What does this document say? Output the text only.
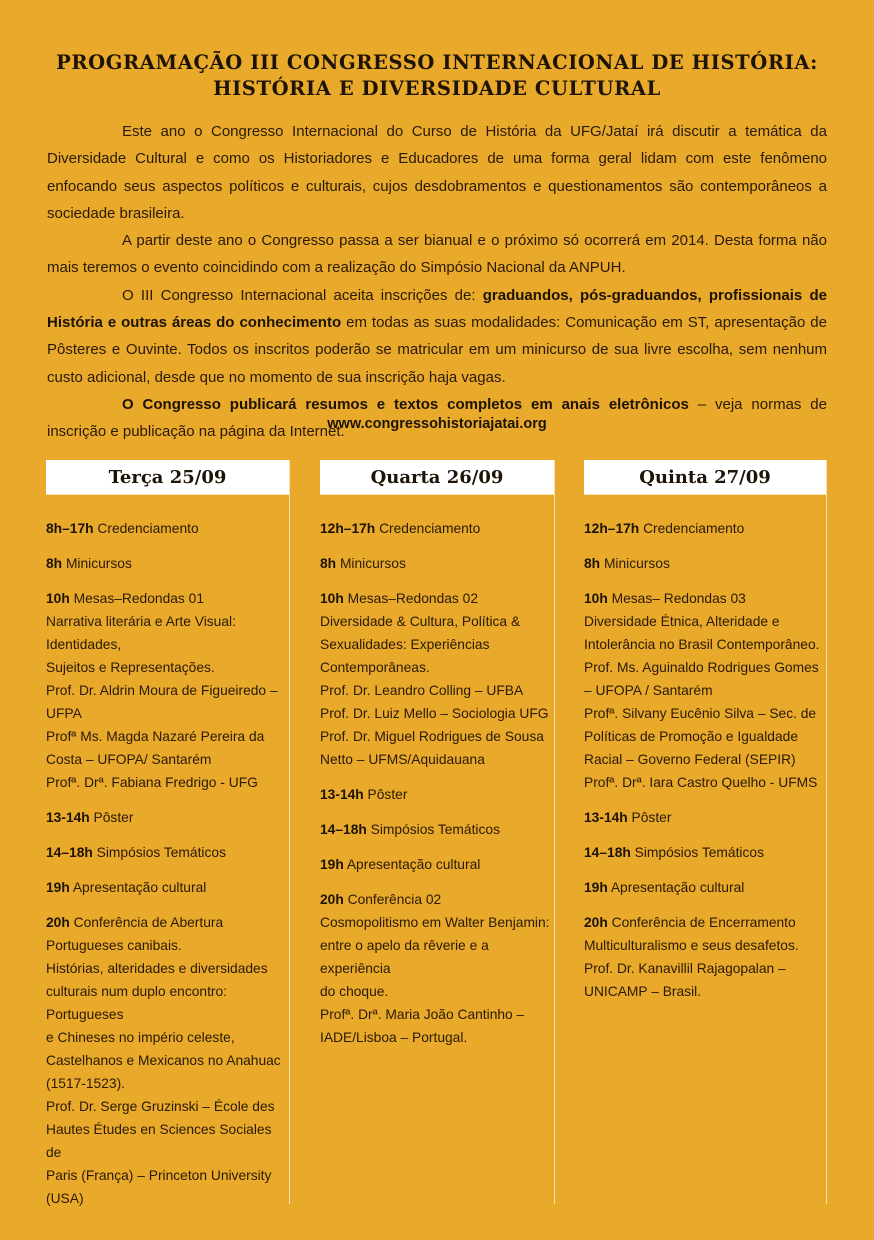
PROGRAMAÇÃO III CONGRESSO INTERNACIONAL DE HISTÓRIA:
HISTÓRIA E DIVERSIDADE CULTURAL

Este ano o Congresso Internacional do Curso de História da UFG/Jataí irá discutir a temática da Diversidade Cultural e como os Historiadores e Educadores de uma forma geral lidam com este fenômeno enfocando seus aspectos políticos e culturais, cujos desdobramentos e questionamentos são contemporâneos a sociedade brasileira.

A partir deste ano o Congresso passa a ser bianual e o próximo só ocorrerá em 2014. Desta forma não mais teremos o evento coincidindo com a realização do Simpósio Nacional da ANPUH.

O III Congresso Internacional aceita inscrições de: graduandos, pós-graduandos, profissionais de História e outras áreas do conhecimento em todas as suas modalidades: Comunicação em ST, apresentação de Pôsteres e Ouvinte. Todos os inscritos poderão se matricular em um minicurso de sua livre escolha, sem nenhum custo adicional, desde que no momento de sua inscrição haja vagas.

O Congresso publicará resumos e textos completos em anais eletrônicos – veja normas de inscrição e publicação na página da Internet.

www.congressohistoriajatai.org
Terça 25/09
8h–17h Credenciamento
8h Minicursos
10h Mesas–Redondas 01
Narrativa literária e Arte Visual:
Identidades,
Sujeitos e Representações.
Prof. Dr. Aldrin Moura de Figueiredo –
UFPA
Profª Ms. Magda Nazaré Pereira da
Costa – UFOPA/ Santarém
Profª. Drª. Fabiana Fredrigo - UFG
13-14h Pôster
14–18h Simpósios Temáticos
19h Apresentação cultural
20h Conferência de Abertura
Portugueses canibais.
Histórias, alteridades e diversidades
culturais num duplo encontro:
Portugueses
e Chineses no império celeste,
Castelhanos e Mexicanos no Anahuac
(1517-1523).
Prof. Dr. Serge Gruzinski – École des
Hautes Études en Sciences Sociales de
Paris (França) – Princeton University
(USA)
Quarta 26/09
12h–17h Credenciamento
8h Minicursos
10h Mesas–Redondas 02
Diversidade & Cultura, Política &
Sexualidades: Experiências
Contemporâneas.
Prof. Dr. Leandro Colling – UFBA
Prof. Dr. Luiz Mello – Sociologia UFG
Prof. Dr. Miguel Rodrigues de Sousa
Netto – UFMS/Aquidauana
13-14h Pôster
14–18h Simpósios Temáticos
19h Apresentação cultural
20h Conferência 02
Cosmopolitismo em Walter Benjamin:
entre o apelo da rêverie e a experiência
do choque.
Profª. Drª. Maria João Cantinho –
IADE/Lisboa – Portugal.
Quinta 27/09
12h–17h Credenciamento
8h Minicursos
10h Mesas– Redondas 03
Diversidade Étnica, Alteridade e
Intolerância no Brasil Contemporâneo.
Prof. Ms. Aguinaldo Rodrigues Gomes
– UFOPA / Santarém
Profª. Silvany Eucênio Silva – Sec. de
Políticas de Promoção e Igualdade
Racial – Governo Federal (SEPIR)
Profª. Drª. Iara Castro Quelho - UFMS
13-14h Pôster
14–18h Simpósios Temáticos
19h Apresentação cultural
20h Conferência de Encerramento
Multiculturalismo e seus desafetos.
Prof. Dr. Kanavillil Rajagopalan –
UNICAMP – Brasil.
